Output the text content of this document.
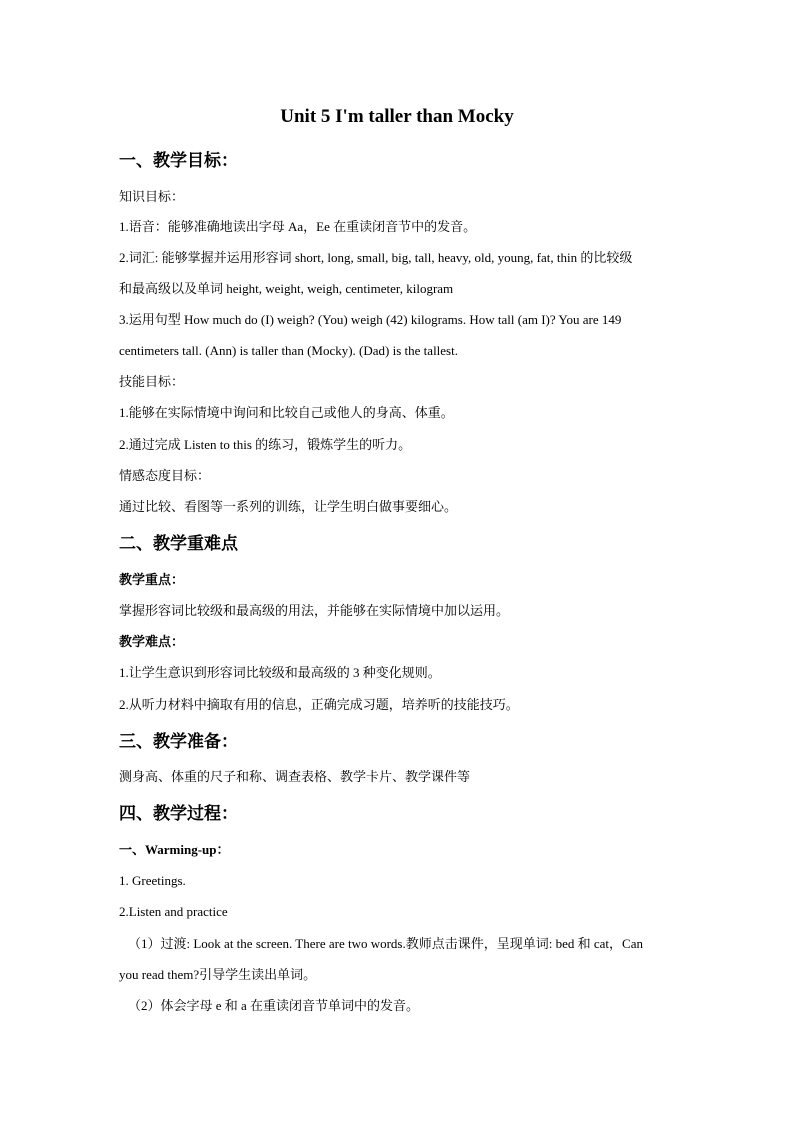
Unit 5 I'm taller than Mocky
一、教学目标：
知识目标：
1.语音：能够准确地读出字母 Aa，Ee 在重读闭音节中的发音。
2.词汇: 能够掌握并运用形容词 short, long, small, big, tall, heavy, old, young, fat, thin 的比较级
和最高级以及单词 height, weight, weigh, centimeter, kilogram
3.运用句型 How much do (I) weigh? (You) weigh (42) kilograms. How tall (am I)? You are 149
centimeters tall. (Ann) is taller than (Mocky). (Dad) is the tallest.
技能目标：
1.能够在实际情境中询问和比较自己或他人的身高、体重。
2.通过完成 Listen to this 的练习，锻炼学生的听力。
情感态度目标：
通过比较、看图等一系列的训练，让学生明白做事要细心。
二、教学重难点
教学重点：
掌握形容词比较级和最高级的用法，并能够在实际情境中加以运用。
教学难点：
1.让学生意识到形容词比较级和最高级的 3 种变化规则。
2.从听力材料中摘取有用的信息，正确完成习题，培养听的技能技巧。
三、教学准备：
测身高、体重的尺子和称、调查表格、教学卡片、教学课件等
四、教学过程：
一、Warming-up：
1. Greetings.
2.Listen and practice
（1）过渡: Look at the screen. There are two words.教师点击课件，呈现单词: bed 和 cat，Can
you read them?引导学生读出单词。
（2）体会字母 e 和 a 在重读闭音节单词中的发音。
